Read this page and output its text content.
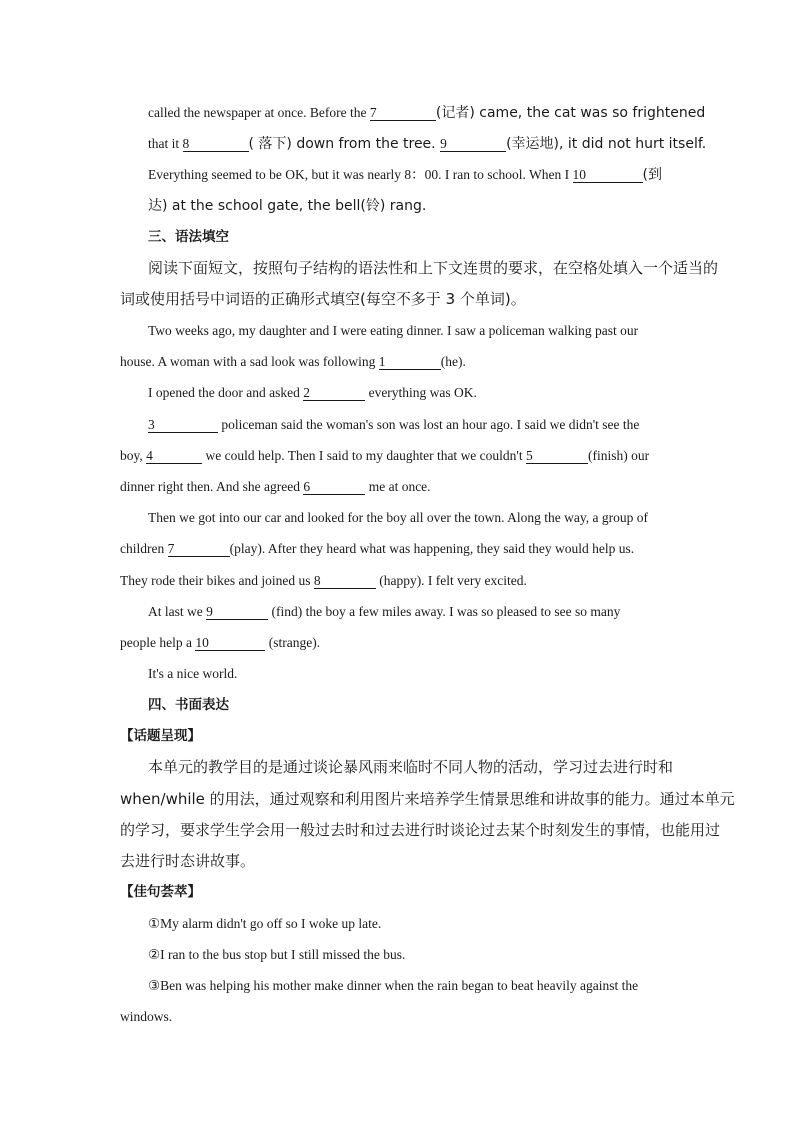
called the newspaper at once. Before the 7	(记者) came, the cat was so frightened
that it 8	( 落下) down from the tree. 9	(幸运地), it did not hurt itself.
Everything seemed to be OK, but it was nearly 8：00. I ran to school. When I 10	(到
达) at the school gate, the bell(铃) rang.
三、语法填空
阅读下面短文，按照句子结构的语法性和上下文连贯的要求，在空格处填入一个适当的
词或使用括号中词语的正确形式填空(每空不多于 3 个单词)。
Two weeks ago, my daughter and I were eating dinner. I saw a policeman walking past our
house. A woman with a sad look was following 1	(he).
I opened the door and asked 2	everything was OK.
3	policeman said the woman's son was lost an hour ago. I said we didn't see the
boy, 4	we could help. Then I said to my daughter that we couldn't 5	(finish) our
dinner right then. And she agreed 6	me at once.
Then we got into our car and looked for the boy all over the town. Along the way, a group of
children 7	(play). After they heard what was happening, they said they would help us.
They rode their bikes and joined us 8	(happy). I felt very excited.
At last we 9	(find) the boy a few miles away. I was so pleased to see so many
people help a 10	(strange).
It's a nice world.
四、书面表达
【话题呈现】
本单元的教学目的是通过谈论暴风雨来临时不同人物的活动，学习过去进行时和
when/while 的用法，通过观察和利用图片来培养学生情景思维和讲故事的能力。通过本单元
的学习，要求学生学会用一般过去时和过去进行时谈论过去某个时刻发生的事情，也能用过
去进行时态讲故事。
【佳句荟萃】
①My alarm didn't go off so I woke up late.
②I ran to the bus stop but I still missed the bus.
③Ben was helping his mother make dinner when the rain began to beat heavily against the
windows.
